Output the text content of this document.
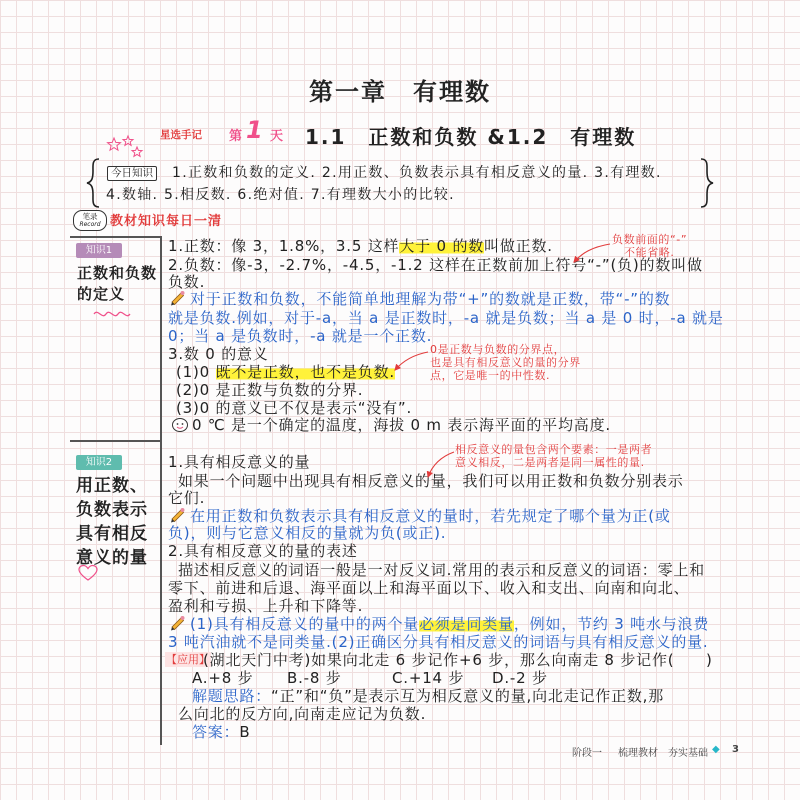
第一章　有理数
星选手记 第 1 天 1.1　正数和负数 &1.2　有理数
今日知识 1.正数和负数的定义. 2.用正数、负数表示具有相反意义的量. 3.有理数.
4.数轴. 5.相反数. 6.绝对值. 7.有理数大小的比较.
笔录
Record 教材知识每日一清
知识1
正数和负数
的定义
1.正数：像 3，1.8%，3.5 这样大于 0 的数叫做正数.
2.负数：像-3，-2.7%，-4.5，-1.2 这样在正数前加上符号“-”(负)的数叫做
负数.
负数前面的“-”
不能省略.
对于正数和负数，不能简单地理解为带“+”的数就是正数，带“-”的数
就是负数.例如，对于-a，当 a 是正数时，-a 就是负数；当 a 是 0 时，-a 就是
0；当 a 是负数时，-a 就是一个正数.
3.数 0 的意义
(1)0 既不是正数，也不是负数.
0是正数与负数的分界点，
也是具有相反意义的量的分界
点，它是唯一的中性数.
(2)0 是正数与负数的分界.
(3)0 的意义已不仅是表示“没有”.
0 ℃ 是一个确定的温度，海拔 0 m 表示海平面的平均高度.
知识2
用正数、
负数表示
具有相反
意义的量
相反意义的量包含两个要素：一是两者
意义相反，二是两者是同一属性的量.
1.具有相反意义的量
如果一个问题中出现具有相反意义的量，我们可以用正数和负数分别表示
它们.
在用正数和负数表示具有相反意义的量时，若先规定了哪个量为正(或
负)，则与它意义相反的量就为负(或正).
2.具有相反意义的量的表述
描述相反意义的词语一般是一对反义词.常用的表示和反意义的词语：零上和
零下、前进和后退、海平面以上和海平面以下、收入和支出、向南和向北、
盈利和亏损、上升和下降等.
(1)具有相反意义的量中的两个量必须是同类量，例如，节约 3 吨水与浪费
3 吨汽油就不是同类量.(2)正确区分具有相反意义的词语与具有相反意义的量.
【应用】
(湖北天门中考)如果向北走 6 步记作+6 步，那么向南走 8 步记作(　　)
A.+8 步 B.-8 步	C.+14 步 D.-2 步
解题思路：“正”和“负”是表示互为相反意义的量,向北走记作正数,那
么向北的反方向,向南走应记为负数.
答案：B
阶段一 梳理教材 夯实基础 ◆ 3
